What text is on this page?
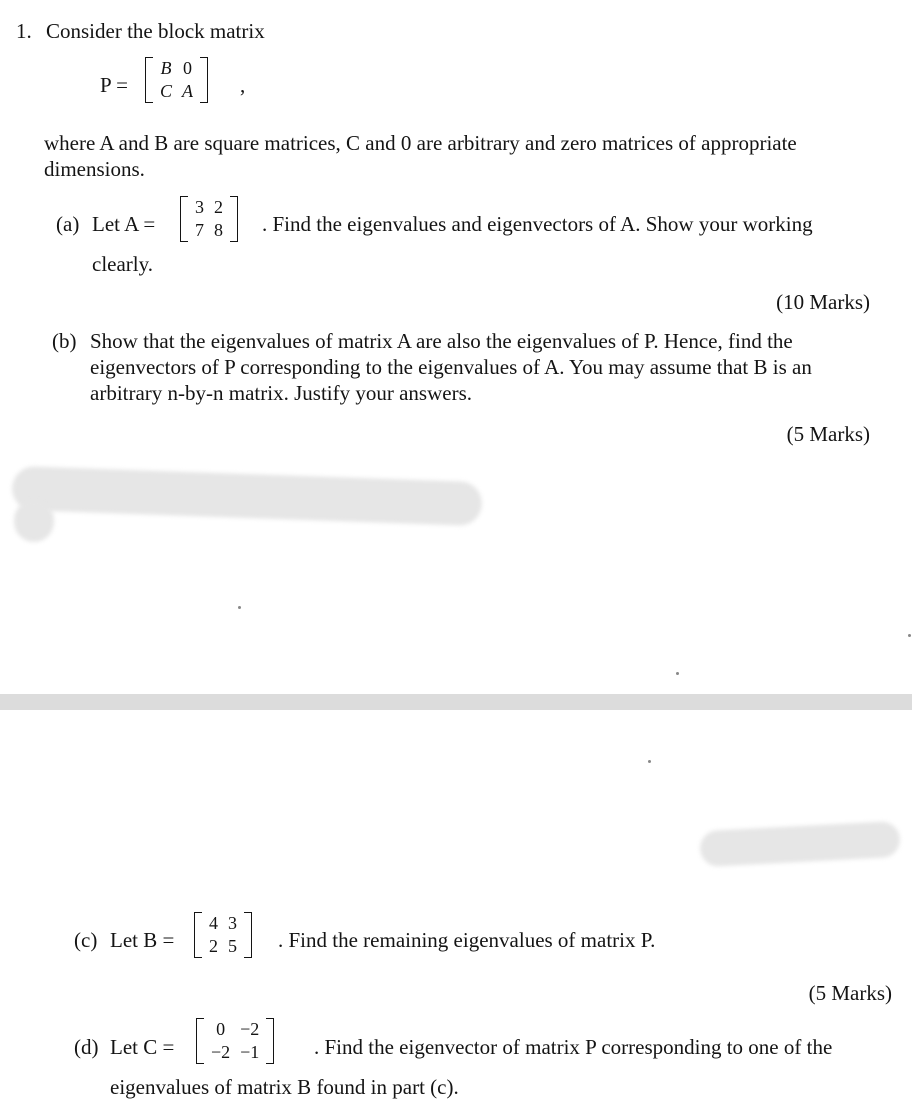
1. Consider the block matrix
P =
B	0
C	A ,
where A and B are square matrices, C and 0 are arbitrary and zero matrices of appropriate
dimensions.
(a) Let A =
3	2
7	8 . Find the eigenvalues and eigenvectors of A. Show your working
clearly.
(10 Marks)
(b) Show that the eigenvalues of matrix A are also the eigenvalues of P. Hence, find the
eigenvectors of P corresponding to the eigenvalues of A. You may assume that B is an
arbitrary n-by-n matrix. Justify your answers.
(5 Marks)
(c) Let B =
4	3
2	5 . Find the remaining eigenvalues of matrix P.
(5 Marks)
(d) Let C =
0	−2
−2	−1	. Find the eigenvector of matrix P corresponding to one of the
eigenvalues of matrix B found in part (c).
